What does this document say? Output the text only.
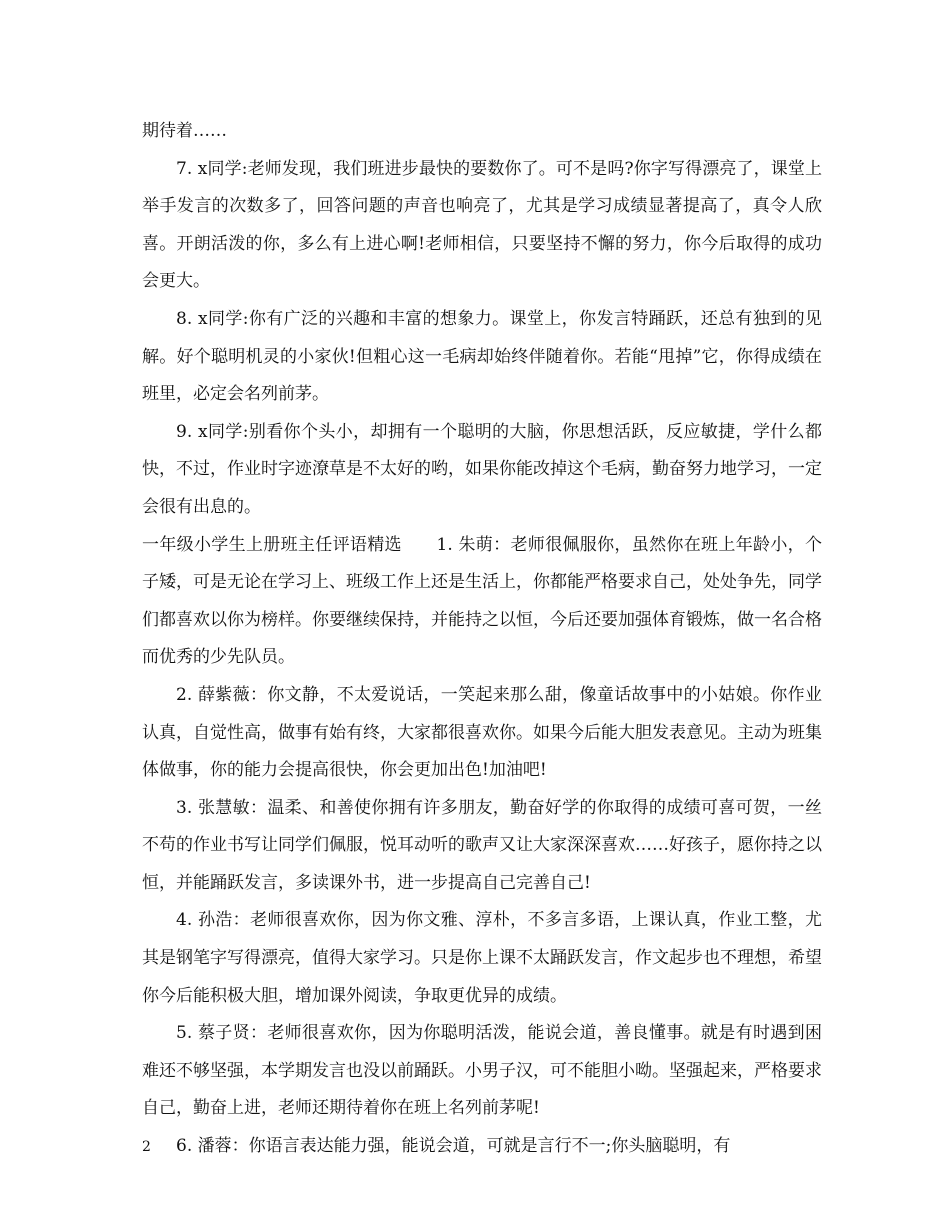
期待着……

7. x同学:老师发现，我们班进步最快的要数你了。可不是吗?你字写得漂亮了，课堂上举手发言的次数多了，回答问题的声音也响亮了，尤其是学习成绩显著提高了，真令人欣喜。开朗活泼的你，多么有上进心啊!老师相信，只要坚持不懈的努力，你今后取得的成功会更大。

8. x同学:你有广泛的兴趣和丰富的想象力。课堂上，你发言特踊跃，还总有独到的见解。好个聪明机灵的小家伙!但粗心这一毛病却始终伴随着你。若能“甩掉”它，你得成绩在班里，必定会名列前茅。

9. x同学:别看你个头小，却拥有一个聪明的大脑，你思想活跃，反应敏捷，学什么都快，不过，作业时字迹潦草是不太好的哟，如果你能改掉这个毛病，勤奋努力地学习，一定会很有出息的。

一年级小学生上册班主任评语精选　　1. 朱萌：老师很佩服你，虽然你在班上年龄小，个子矮，可是无论在学习上、班级工作上还是生活上，你都能严格要求自己，处处争先，同学们都喜欢以你为榜样。你要继续保持，并能持之以恒，今后还要加强体育锻炼，做一名合格而优秀的少先队员。

2. 薛紫薇：你文静，不太爱说话，一笑起来那么甜，像童话故事中的小姑娘。你作业认真，自觉性高，做事有始有终，大家都很喜欢你。如果今后能大胆发表意见。主动为班集体做事，你的能力会提高很快，你会更加出色!加油吧!

3. 张慧敏：温柔、和善使你拥有许多朋友，勤奋好学的你取得的成绩可喜可贺，一丝不苟的作业书写让同学们佩服，悦耳动听的歌声又让大家深深喜欢……好孩子，愿你持之以恒，并能踊跃发言，多读课外书，进一步提高自己完善自己!

4. 孙浩：老师很喜欢你，因为你文雅、淳朴，不多言多语，上课认真，作业工整，尤其是钢笔字写得漂亮，值得大家学习。只是你上课不太踊跃发言，作文起步也不理想，希望你今后能积极大胆，增加课外阅读，争取更优异的成绩。

5. 蔡子贤：老师很喜欢你，因为你聪明活泼，能说会道，善良懂事。就是有时遇到困难还不够坚强，本学期发言也没以前踊跃。小男子汉，可不能胆小呦。坚强起来，严格要求自己，勤奋上进，老师还期待着你在班上名列前茅呢!

6. 潘蓉：你语言表达能力强，能说会道，可就是言行不一;你头脑聪明，有

2
